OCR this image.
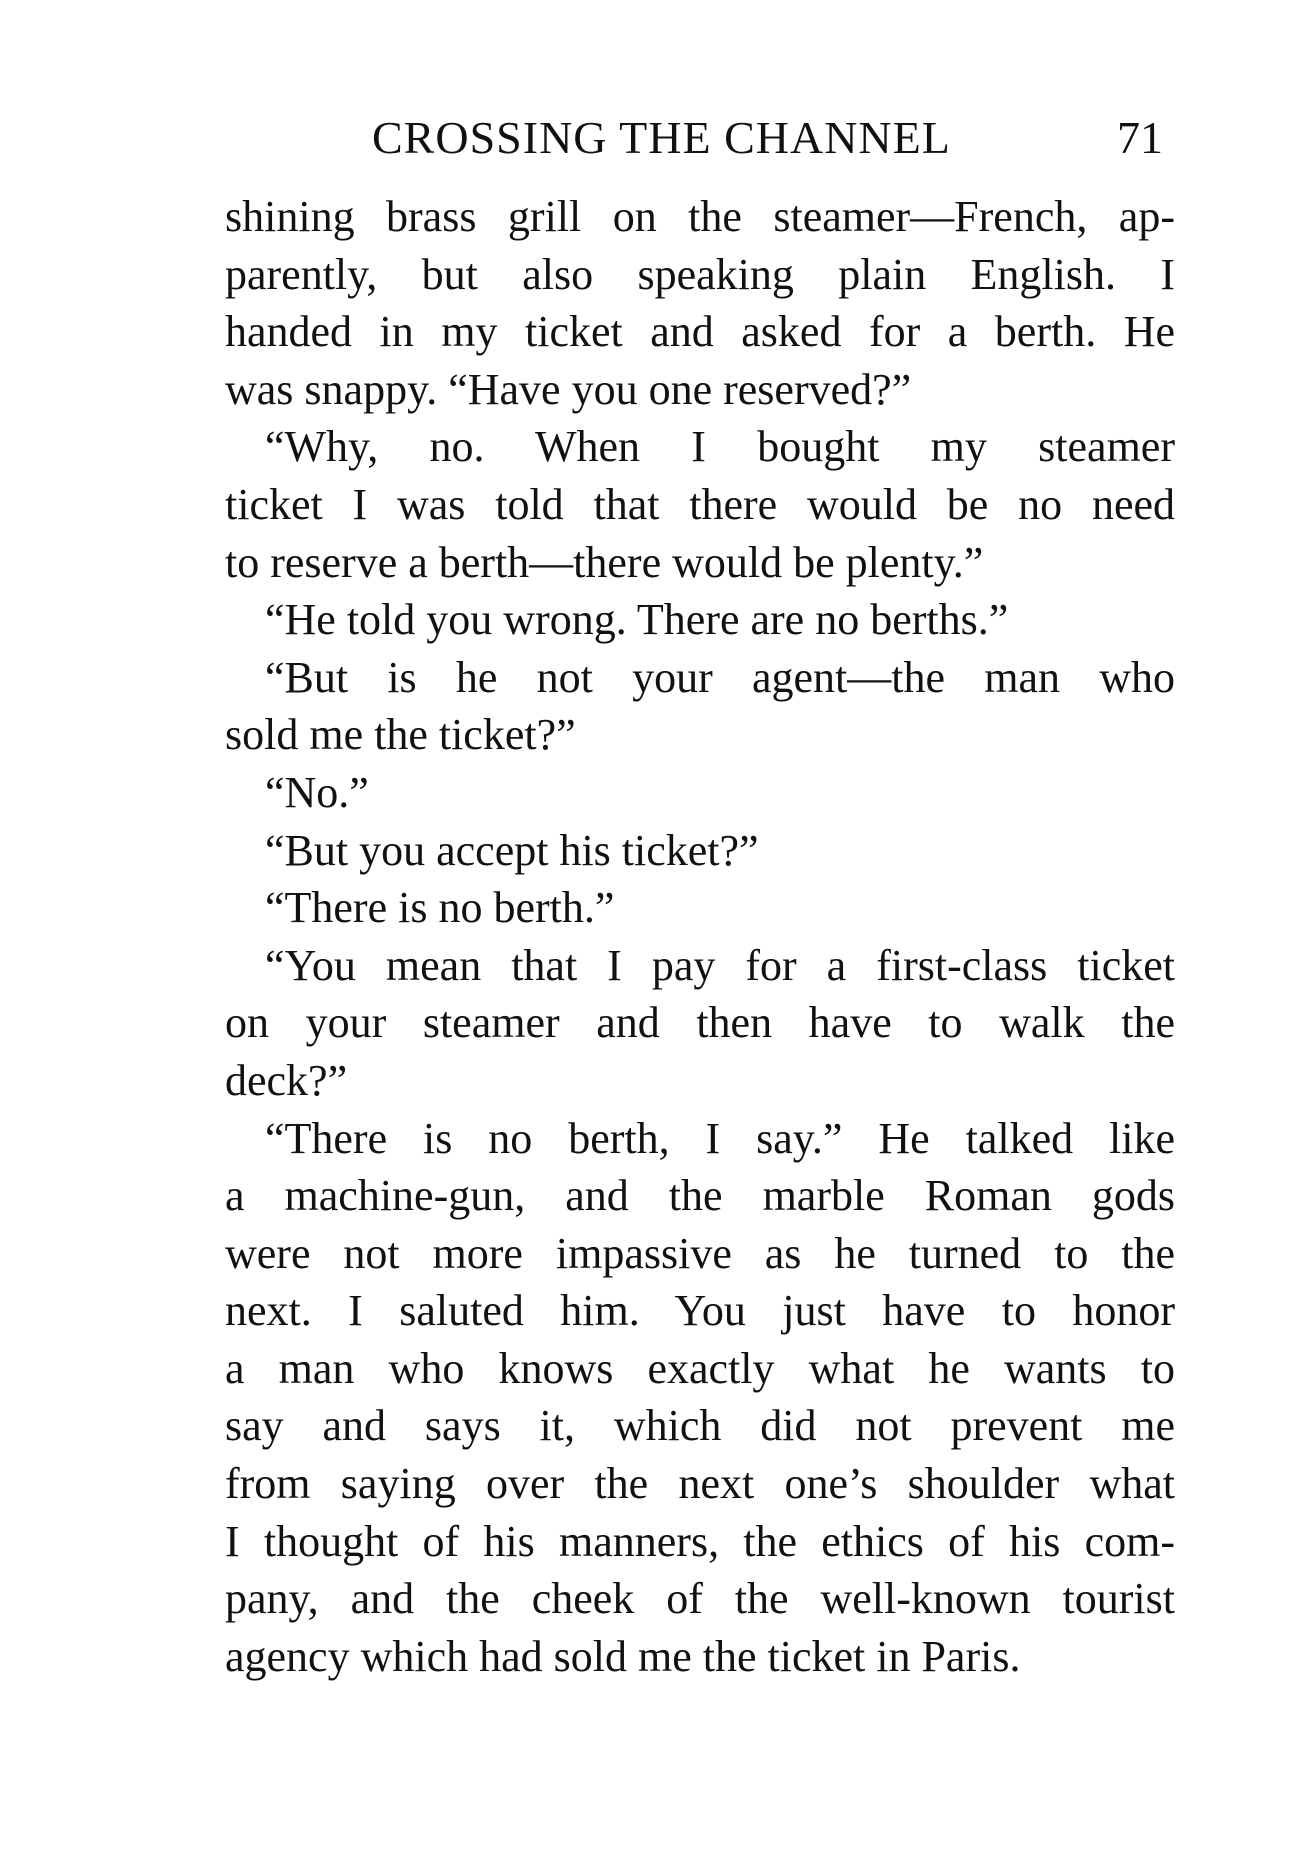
CROSSING THE CHANNEL	71
shining brass grill on the steamer—French, ap-
parently, but also speaking plain English. I
handed in my ticket and asked for a berth. He
was snappy. “Have you one reserved?”
“Why, no. When I bought my steamer
ticket I was told that there would be no need
to reserve a berth—there would be plenty.”
“He told you wrong. There are no berths.”
“But is he not your agent—the man who
sold me the ticket?”
“No.”
“But you accept his ticket?”
“There is no berth.”
“You mean that I pay for a first-class ticket
on your steamer and then have to walk the
deck?”
“There is no berth, I say.” He talked like
a machine-gun, and the marble Roman gods
were not more impassive as he turned to the
next. I saluted him. You just have to honor
a man who knows exactly what he wants to
say and says it, which did not prevent me
from saying over the next one’s shoulder what
I thought of his manners, the ethics of his com-
pany, and the cheek of the well-known tourist
agency which had sold me the ticket in Paris.
